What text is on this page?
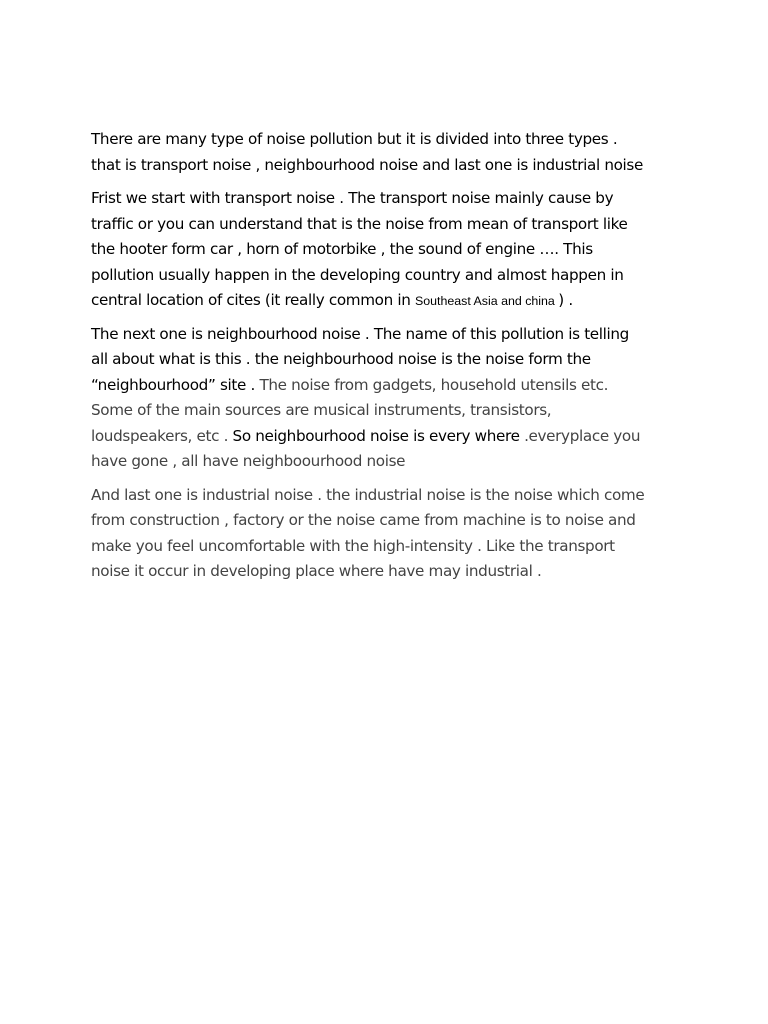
There are many type of noise pollution but it is divided into three types .
that is transport noise , neighbourhood noise and last one is industrial noise
Frist we start with transport noise . The transport noise mainly cause by
traffic or you can understand that is the noise from mean of transport like
the hooter form car , horn of motorbike , the sound of engine …. This
pollution usually happen in the developing country and almost happen in
central location of cites (it really common in Southeast Asia and china ) .
The next one is neighbourhood noise . The name of this pollution is telling
all about what is this . the neighbourhood noise is the noise form the
“neighbourhood” site . The noise from gadgets, household utensils etc.
Some of the main sources are musical instruments, transistors,
loudspeakers, etc . So neighbourhood noise is every where .everyplace you
have gone , all have neighboourhood noise
And last one is industrial noise . the industrial noise is the noise which come
from construction , factory or the noise came from machine is to noise and
make you feel uncomfortable with the high-intensity . Like the transport
noise it occur in developing place where have may industrial .
